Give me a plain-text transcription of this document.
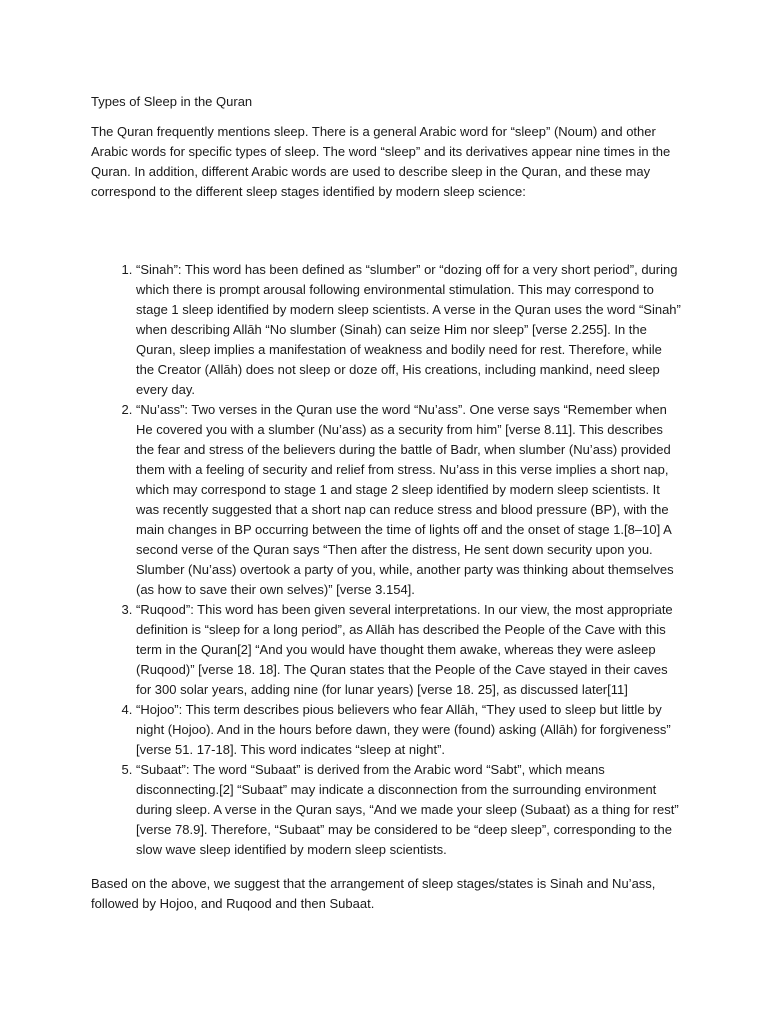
Types of Sleep in the Quran

The Quran frequently mentions sleep. There is a general Arabic word for “sleep” (Noum) and other Arabic words for specific types of sleep. The word “sleep” and its derivatives appear nine times in the Quran. In addition, different Arabic words are used to describe sleep in the Quran, and these may correspond to the different sleep stages identified by modern sleep science:

1. “Sinah”: This word has been defined as “slumber” or “dozing off for a very short period”, during which there is prompt arousal following environmental stimulation. This may correspond to stage 1 sleep identified by modern sleep scientists. A verse in the Quran uses the word “Sinah” when describing Allāh “No slumber (Sinah) can seize Him nor sleep” [verse 2.255]. In the Quran, sleep implies a manifestation of weakness and bodily need for rest. Therefore, while the Creator (Allāh) does not sleep or doze off, His creations, including mankind, need sleep every day.
2. “Nu’ass”: Two verses in the Quran use the word “Nu’ass”. One verse says “Remember when He covered you with a slumber (Nu’ass) as a security from him” [verse 8.11]. This describes the fear and stress of the believers during the battle of Badr, when slumber (Nu’ass) provided them with a feeling of security and relief from stress. Nu’ass in this verse implies a short nap, which may correspond to stage 1 and stage 2 sleep identified by modern sleep scientists. It was recently suggested that a short nap can reduce stress and blood pressure (BP), with the main changes in BP occurring between the time of lights off and the onset of stage 1.[8–10] A second verse of the Quran says “Then after the distress, He sent down security upon you. Slumber (Nu’ass) overtook a party of you, while, another party was thinking about themselves (as how to save their own selves)” [verse 3.154].
3. “Ruqood”: This word has been given several interpretations. In our view, the most appropriate definition is “sleep for a long period”, as Allāh has described the People of the Cave with this term in the Quran[2] “And you would have thought them awake, whereas they were asleep (Ruqood)” [verse 18. 18]. The Quran states that the People of the Cave stayed in their caves for 300 solar years, adding nine (for lunar years) [verse 18. 25], as discussed later[11]
4. “Hojoo”: This term describes pious believers who fear Allāh, “They used to sleep but little by night (Hojoo). And in the hours before dawn, they were (found) asking (Allāh) for forgiveness” [verse 51. 17-18]. This word indicates “sleep at night”.
5. “Subaat”: The word “Subaat” is derived from the Arabic word “Sabt”, which means disconnecting.[2] “Subaat” may indicate a disconnection from the surrounding environment during sleep. A verse in the Quran says, “And we made your sleep (Subaat) as a thing for rest” [verse 78.9]. Therefore, “Subaat” may be considered to be “deep sleep”, corresponding to the slow wave sleep identified by modern sleep scientists.

Based on the above, we suggest that the arrangement of sleep stages/states is Sinah and Nu’ass, followed by Hojoo, and Ruqood and then Subaat.
